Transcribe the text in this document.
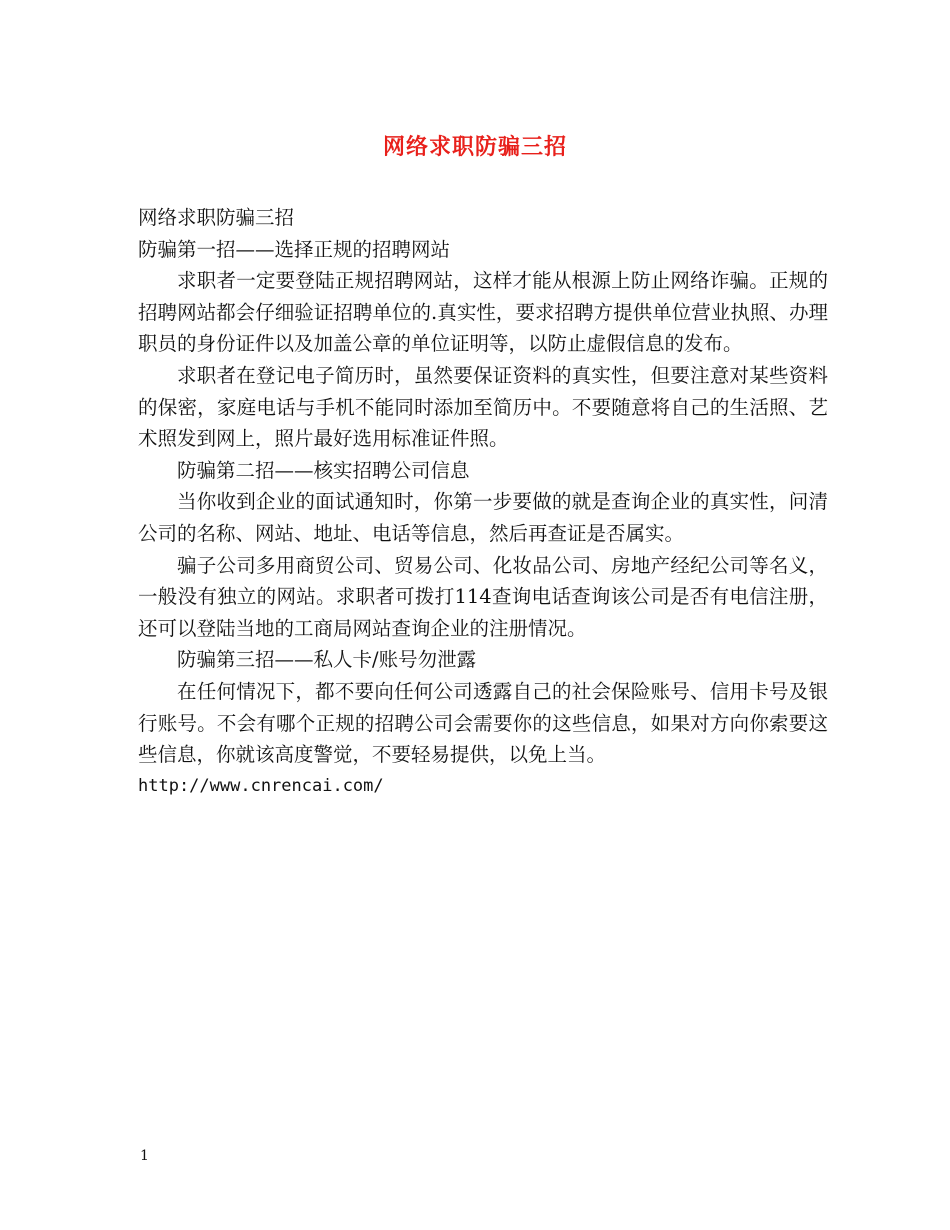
网络求职防骗三招

网络求职防骗三招

防骗第一招——选择正规的招聘网站

求职者一定要登陆正规招聘网站，这样才能从根源上防止网络诈骗。正规的招聘网站都会仔细验证招聘单位的.真实性，要求招聘方提供单位营业执照、办理职员的身份证件以及加盖公章的单位证明等，以防止虚假信息的发布。

求职者在登记电子简历时，虽然要保证资料的真实性，但要注意对某些资料的保密，家庭电话与手机不能同时添加至简历中。不要随意将自己的生活照、艺术照发到网上，照片最好选用标准证件照。

防骗第二招——核实招聘公司信息

当你收到企业的面试通知时，你第一步要做的就是查询企业的真实性，问清公司的名称、网站、地址、电话等信息，然后再查证是否属实。

骗子公司多用商贸公司、贸易公司、化妆品公司、房地产经纪公司等名义，一般没有独立的网站。求职者可拨打114查询电话查询该公司是否有电信注册，还可以登陆当地的工商局网站查询企业的注册情况。

防骗第三招——私人卡/账号勿泄露

在任何情况下，都不要向任何公司透露自己的社会保险账号、信用卡号及银行账号。不会有哪个正规的招聘公司会需要你的这些信息，如果对方向你索要这些信息，你就该高度警觉，不要轻易提供，以免上当。

http://www.cnrencai.com/

1
